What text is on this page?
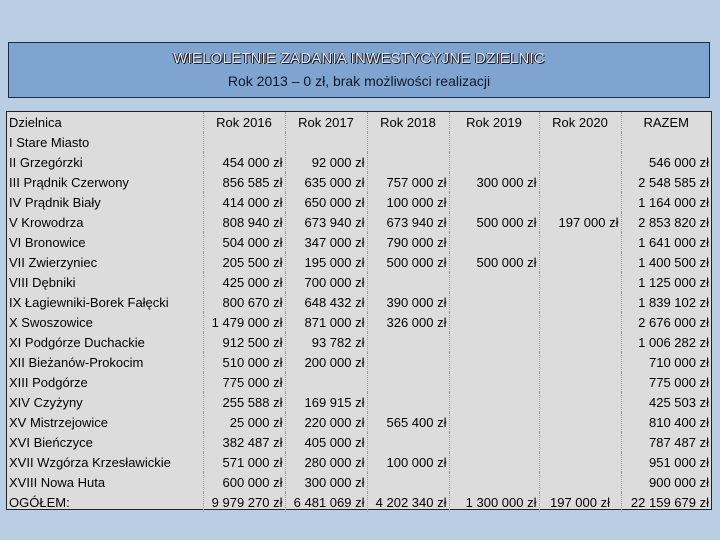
WIELOLETNIE ZADANIA INWESTYCYJNE DZIELNIC
Rok 2013 – 0 zł, brak możliwości realizacji
Dzielnica	Rok 2016	Rok 2017	Rok 2018	Rok 2019	Rok 2020	RAZEM
I Stare Miasto						
II Grzegórzki	454 000 zł	92 000 zł				546 000 zł
III Prądnik Czerwony	856 585 zł	635 000 zł	757 000 zł	300 000 zł		2 548 585 zł
IV Prądnik Biały	414 000 zł	650 000 zł	100 000 zł			1 164 000 zł
V Krowodrza	808 940 zł	673 940 zł	673 940 zł	500 000 zł	197 000 zł	2 853 820 zł
VI Bronowice	504 000 zł	347 000 zł	790 000 zł			1 641 000 zł
VII Zwierzyniec	205 500 zł	195 000 zł	500 000 zł	500 000 zł		1 400 500 zł
VIII Dębniki	425 000 zł	700 000 zł				1 125 000 zł
IX Łagiewniki-Borek Fałęcki	800 670 zł	648 432 zł	390 000 zł			1 839 102 zł
X Swoszowice	1 479 000 zł	871 000 zł	326 000 zł			2 676 000 zł
XI Podgórze Duchackie	912 500 zł	93 782 zł				1 006 282 zł
XII Bieżanów-Prokocim	510 000 zł	200 000 zł				710 000 zł
XIII Podgórze	775 000 zł					775 000 zł
XIV Czyżyny	255 588 zł	169 915 zł				425 503 zł
XV Mistrzejowice	25 000 zł	220 000 zł	565 400 zł			810 400 zł
XVI Bieńczyce	382 487 zł	405 000 zł				787 487 zł
XVII Wzgórza Krzesławickie	571 000 zł	280 000 zł	100 000 zł			951 000 zł
XVIII Nowa Huta	600 000 zł	300 000 zł				900 000 zł
OGÓŁEM:	9 979 270 zł	6 481 069 zł	4 202 340 zł	1 300 000 zł	197 000 zł	22 159 679 zł
